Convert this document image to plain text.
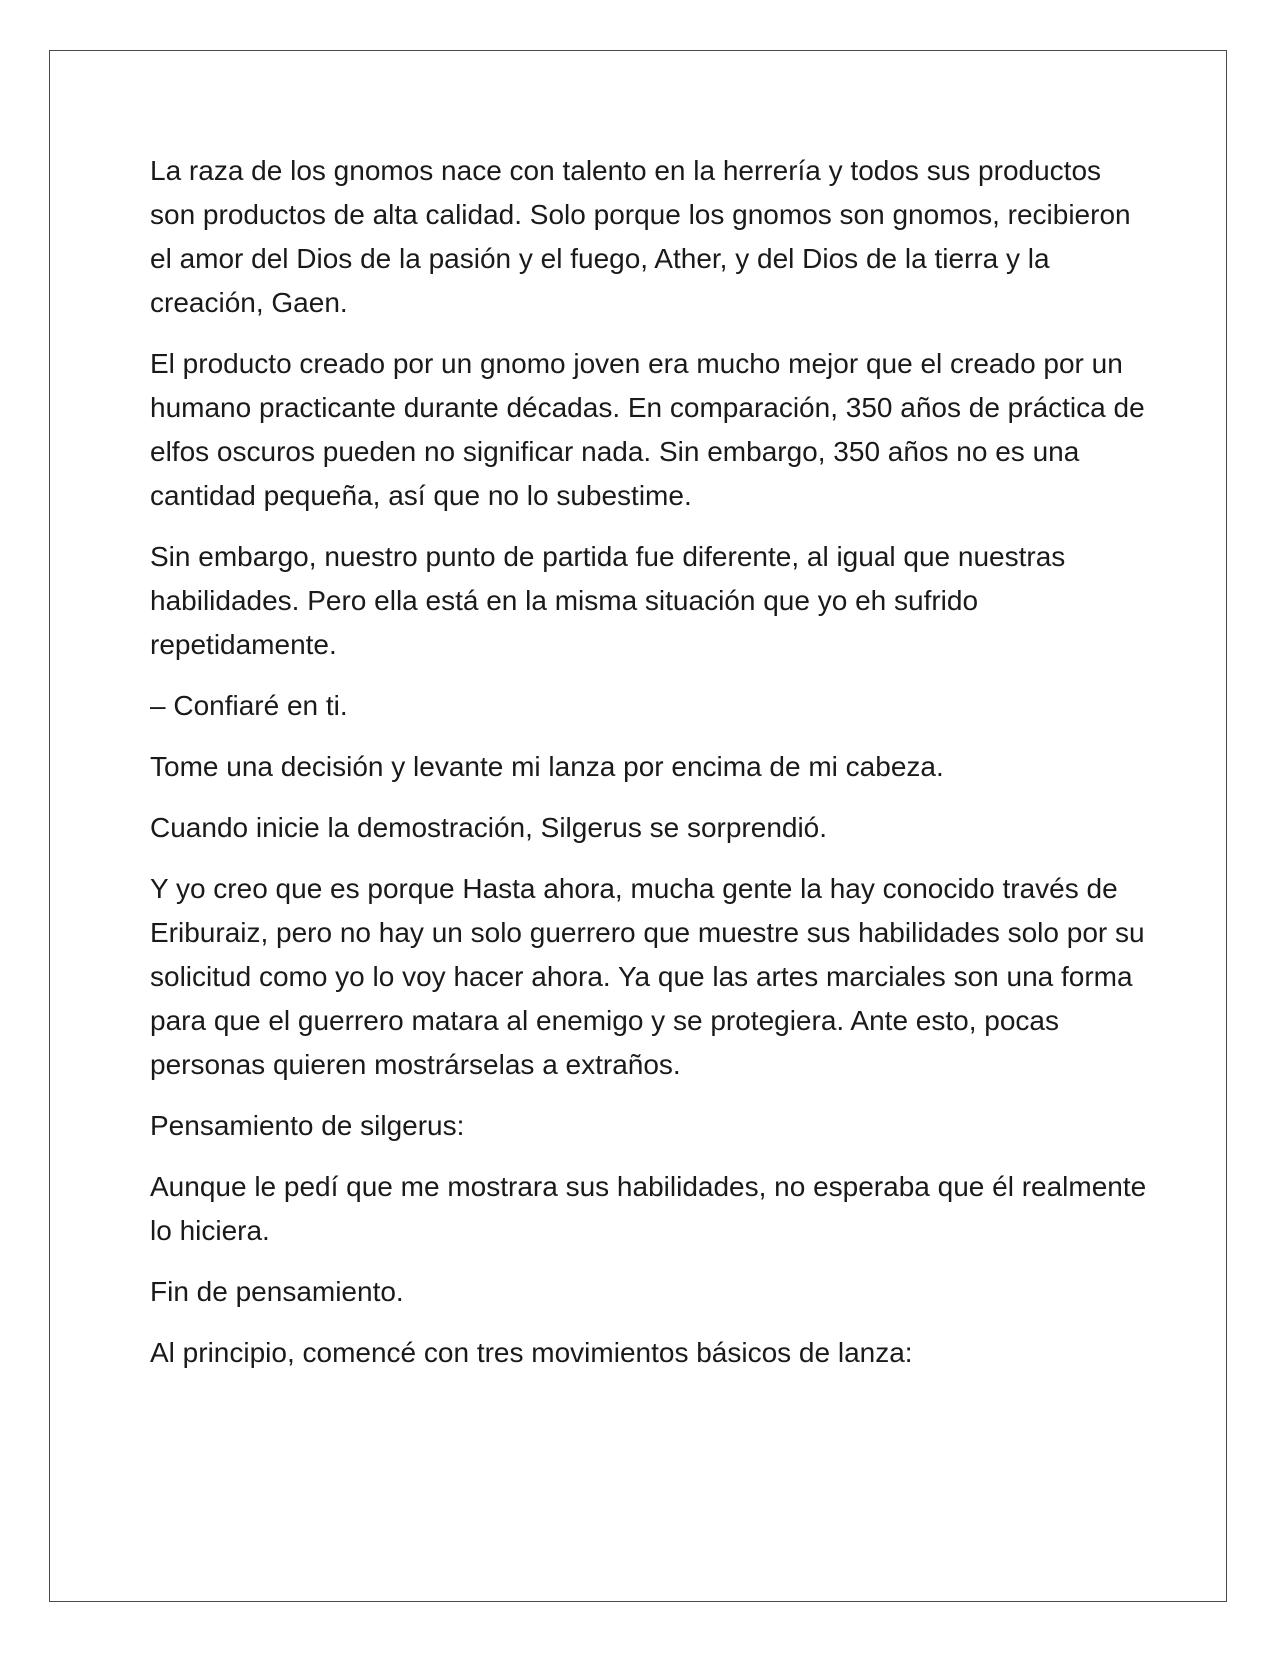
La raza de los gnomos nace con talento en la herrería y todos sus productos son productos de alta calidad. Solo porque los gnomos son gnomos, recibieron el amor del Dios de la pasión y el fuego, Ather, y del Dios de la tierra y la creación, Gaen.

El producto creado por un gnomo joven era mucho mejor que el creado por un humano practicante durante décadas. En comparación, 350 años de práctica de elfos oscuros pueden no significar nada. Sin embargo, 350 años no es una cantidad pequeña, así que no lo subestime.

Sin embargo, nuestro punto de partida fue diferente, al igual que nuestras habilidades. Pero ella está en la misma situación que yo eh sufrido repetidamente.

– Confiaré en ti.

Tome una decisión y levante mi lanza por encima de mi cabeza.

Cuando inicie la demostración, Silgerus se sorprendió.

Y yo creo que es porque Hasta ahora, mucha gente la hay conocido través de Eriburaiz, pero no hay un solo guerrero que muestre sus habilidades solo por su solicitud como yo lo voy hacer ahora. Ya que las artes marciales son una forma para que el guerrero matara al enemigo y se protegiera. Ante esto, pocas personas quieren mostrárselas a extraños.

Pensamiento de silgerus:

Aunque le pedí que me mostrara sus habilidades, no esperaba que él realmente lo hiciera.

Fin de pensamiento.

Al principio, comencé con tres movimientos básicos de lanza:
